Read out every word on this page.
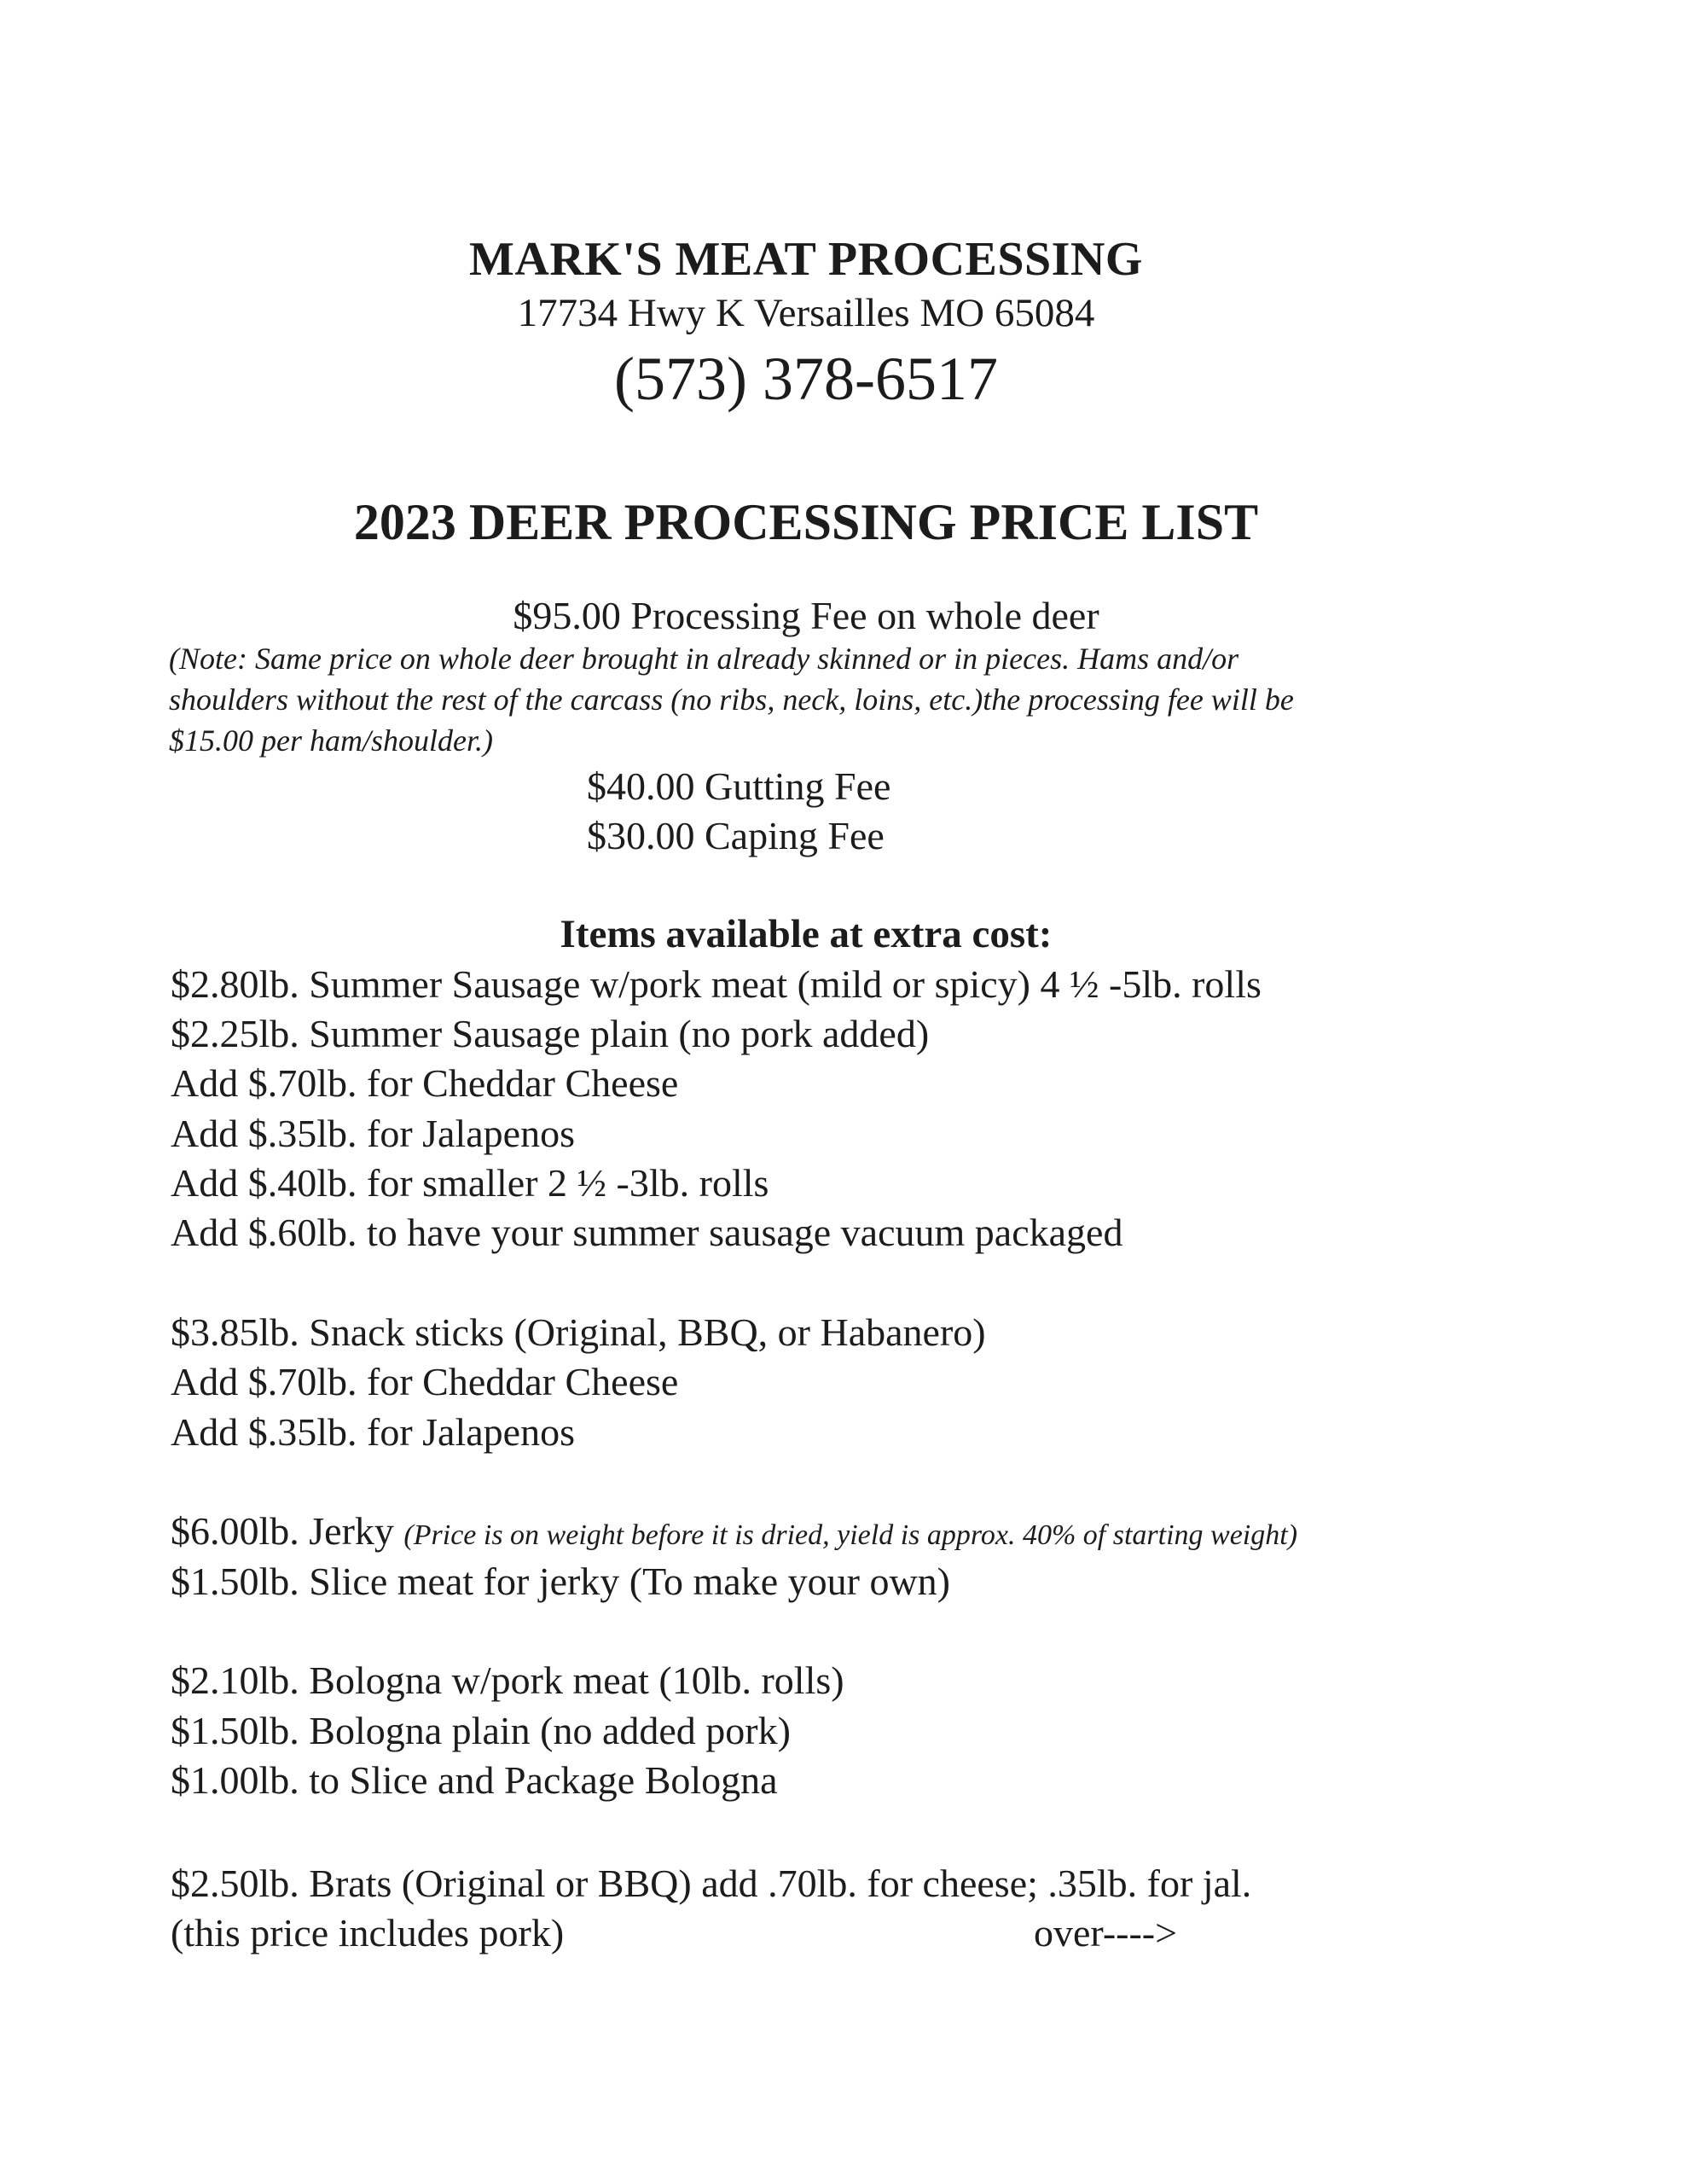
MARK'S MEAT PROCESSING
17734 Hwy K Versailles MO 65084
(573) 378-6517
2023 DEER PROCESSING PRICE LIST
$95.00 Processing Fee on whole deer
(Note: Same price on whole deer brought in already skinned or in pieces. Hams and/or
shoulders without the rest of the carcass (no ribs, neck, loins, etc.)the processing fee will be
$15.00 per ham/shoulder.)
$40.00 Gutting Fee
$30.00 Caping Fee
Items available at extra cost:
$2.80lb. Summer Sausage w/pork meat (mild or spicy) 4 ½ -5lb. rolls
$2.25lb. Summer Sausage plain (no pork added)
Add $.70lb. for Cheddar Cheese
Add $.35lb. for Jalapenos
Add $.40lb. for smaller 2 ½ -3lb. rolls
Add $.60lb. to have your summer sausage vacuum packaged
$3.85lb. Snack sticks (Original, BBQ, or Habanero)
Add $.70lb. for Cheddar Cheese
Add $.35lb. for Jalapenos
$6.00lb. Jerky (Price is on weight before it is dried, yield is approx. 40% of starting weight)
$1.50lb. Slice meat for jerky (To make your own)
$2.10lb. Bologna w/pork meat (10lb. rolls)
$1.50lb. Bologna plain (no added pork)
$1.00lb. to Slice and Package Bologna
$2.50lb. Brats (Original or BBQ) add .70lb. for cheese; .35lb. for jal.
(this price includes pork)	over---->
